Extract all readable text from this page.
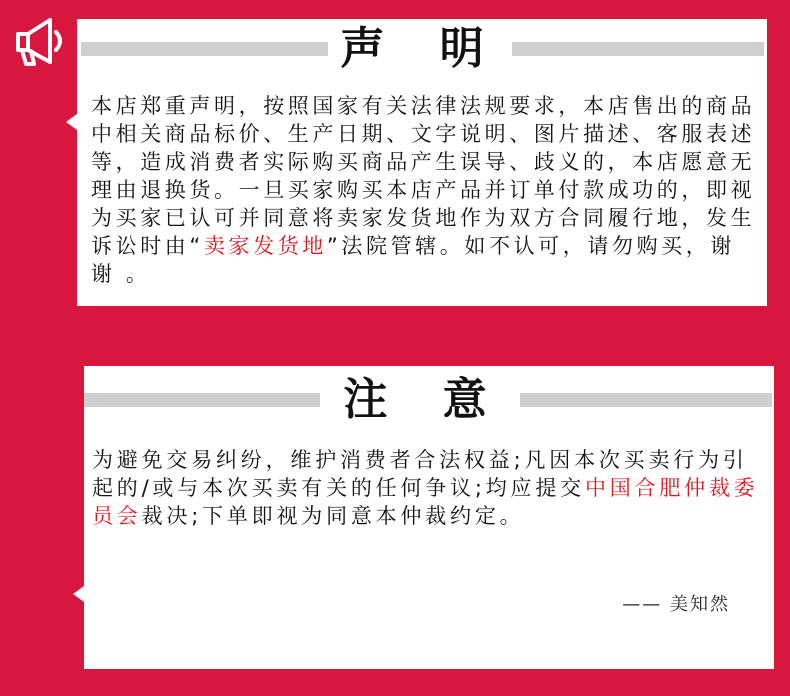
声 明
本店郑重声明，按照国家有关法律法规要求，本店售出的商品中相关商品标价、生产日期、文字说明、图片描述、客服表述等，造成消费者实际购买商品产生误导、歧义的，本店愿意无理由退换货。一旦买家购买本店产品并订单付款成功的，即视为买家已认可并同意将卖家发货地作为双方合同履行地，发生诉讼时由“卖家发货地”法院管辖。如不认可，请勿购买，谢谢 。
注 意
为避免交易纠纷，维护消费者合法权益;凡因本次买卖行为引起的/或与本次买卖有关的任何争议;均应提交中国合肥仲裁委员会裁决;下单即视为同意本仲裁约定。
—— 美知然
